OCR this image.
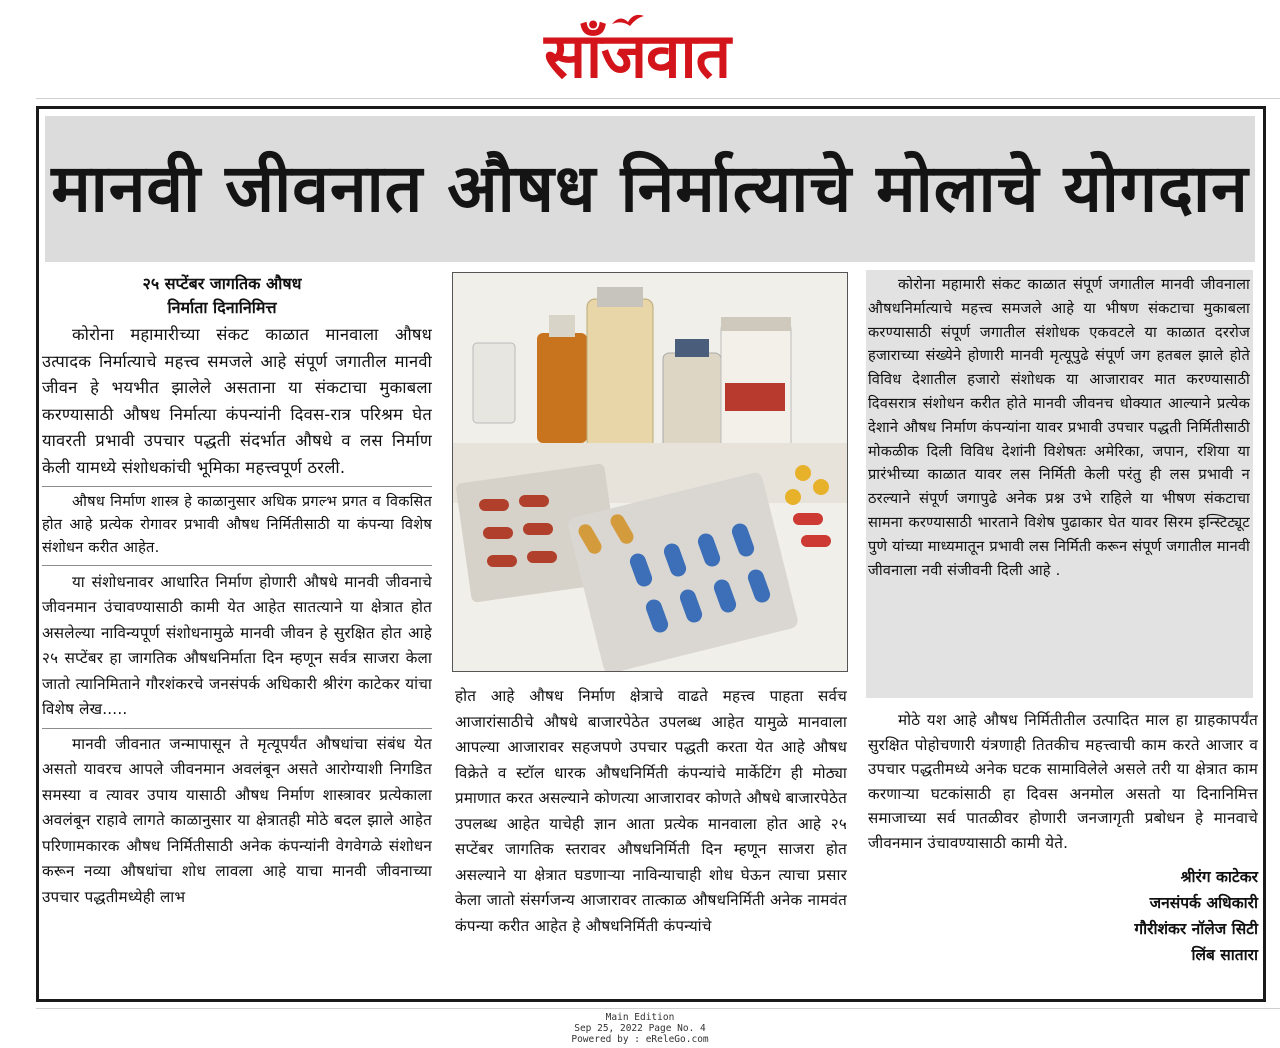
साँजवात
मानवी जीवनात औषध निर्मात्याचे मोलाचे योगदान

२५ सप्टेंबर जागतिक औषध

निर्माता दिनानिमित्त

कोरोना महामारीच्या संकट काळात मानवाला औषध उत्पादक निर्मात्याचे महत्त्व समजले आहे संपूर्ण जगातील मानवी जीवन हे भयभीत झालेले असताना या संकटाचा मुकाबला करण्यासाठी औषध निर्मात्या कंपन्यांनी दिवस-रात्र परिश्रम घेत यावरती प्रभावी उपचार पद्धती संदर्भात औषधे व लस निर्माण केली यामध्ये संशोधकांची भूमिका महत्त्वपूर्ण ठरली.

औषध निर्माण शास्त्र हे काळानुसार अधिक प्रगल्भ प्रगत व विकसित होत आहे प्रत्येक रोगावर प्रभावी औषध निर्मितीसाठी या कंपन्या विशेष संशोधन करीत आहेत.

या संशोधनावर आधारित निर्माण होणारी औषधे मानवी जीवनाचे जीवनमान उंचावण्यासाठी कामी येत आहेत सातत्याने या क्षेत्रात होत असलेल्या नाविन्यपूर्ण संशोधनामुळे मानवी जीवन हे सुरक्षित होत आहे २५ सप्टेंबर हा जागतिक औषधनिर्माता दिन म्हणून सर्वत्र साजरा केला जातो त्यानिमिताने गौरशंकरचे जनसंपर्क अधिकारी श्रीरंग काटेकर यांचा विशेष लेख.....

मानवी जीवनात जन्मापासून ते मृत्यूपर्यंत औषधांचा संबंध येत असतो यावरच आपले जीवनमान अवलंबून असते आरोग्याशी निगडित समस्या व त्यावर उपाय यासाठी औषध निर्माण शास्त्रावर प्रत्येकाला अवलंबून राहावे लागते काळानुसार या क्षेत्रातही मोठे बदल झाले आहेत परिणामकारक औषध निर्मितीसाठी अनेक कंपन्यांनी वेगवेगळे संशोधन करून नव्या औषधांचा शोध लावला आहे याचा मानवी जीवनाच्या उपचार पद्धतीमध्येही लाभ

होत आहे औषध निर्माण क्षेत्राचे वाढते महत्त्व पाहता सर्वच आजारांसाठीचे औषधे बाजारपेठेत उपलब्ध आहेत यामुळे मानवाला आपल्या आजारावर सहजपणे उपचार पद्धती करता येत आहे औषध विक्रेते व स्टॉल धारक औषधनिर्मिती कंपन्यांचे मार्केटिंग ही मोठ्या प्रमाणात करत असल्याने कोणत्या आजारावर कोणते औषधे बाजारपेठेत उपलब्ध आहेत याचेही ज्ञान आता प्रत्येक मानवाला होत आहे २५ सप्टेंबर जागतिक स्तरावर औषधनिर्मिती दिन म्हणून साजरा होत असल्याने या क्षेत्रात घडणाऱ्या नाविन्याचाही शोध घेऊन त्याचा प्रसार केला जातो संसर्गजन्य आजारावर तात्काळ औषधनिर्मिती अनेक नामवंत कंपन्या करीत आहेत हे औषधनिर्मिती कंपन्यांचे

कोरोना महामारी संकट काळात संपूर्ण जगातील मानवी जीवनाला औषधनिर्मात्याचे महत्त्व समजले आहे या भीषण संकटाचा मुकाबला करण्यासाठी संपूर्ण जगातील संशोधक एकवटले या काळात दररोज हजाराच्या संख्येने होणारी मानवी मृत्यूपुढे संपूर्ण जग हतबल झाले होते विविध देशातील हजारो संशोधक या आजारावर मात करण्यासाठी दिवसरात्र संशोधन करीत होते मानवी जीवनच धोक्यात आल्याने प्रत्येक देशाने औषध निर्माण कंपन्यांना यावर प्रभावी उपचार पद्धती निर्मितीसाठी मोकळीक दिली विविध देशांनी विशेषतः अमेरिका, जपान, रशिया या प्रारंभीच्या काळात यावर लस निर्मिती केली परंतु ही लस प्रभावी न ठरल्याने संपूर्ण जगापुढे अनेक प्रश्न उभे राहिले या भीषण संकटाचा सामना करण्यासाठी भारताने विशेष पुढाकार घेत यावर सिरम इन्स्टिट्यूट पुणे यांच्या माध्यमातून प्रभावी लस निर्मिती करून संपूर्ण जगातील मानवी जीवनाला नवी संजीवनी दिली आहे .

मोठे यश आहे औषध निर्मितीतील उत्पादित माल हा ग्राहकापर्यंत सुरक्षित पोहोचणारी यंत्रणाही तितकीच महत्त्वाची काम करते आजार व उपचार पद्धतीमध्ये अनेक घटक सामाविलेले असले तरी या क्षेत्रात काम करणाऱ्या घटकांसाठी हा दिवस अनमोल असतो या दिनानिमित्त समाजाच्या सर्व पातळीवर होणारी जनजागृती प्रबोधन हे मानवाचे जीवनमान उंचावण्यासाठी कामी येते.

श्रीरंग काटेकर

जनसंपर्क अधिकारी

गौरीशंकर नॉलेज सिटी

लिंब सातारा

Main Edition
Sep 25, 2022 Page No. 4
Powered by : eReleGo.com
